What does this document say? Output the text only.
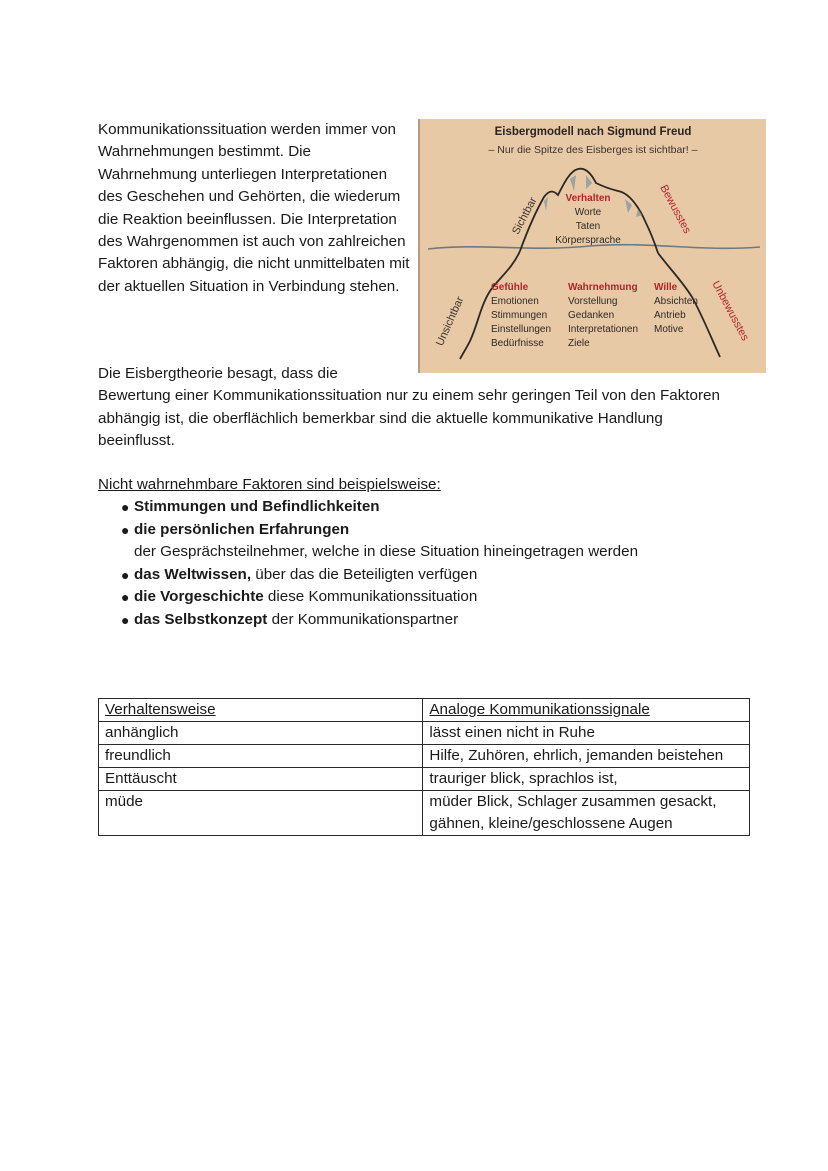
Kommunikationssituation werden immer von Wahrnehmungen bestimmt. Die Wahrnehmung unterliegen Interpretationen des Geschehen und Gehörten, die wiederum die Reaktion beeinflussen. Die Interpretation des Wahrgenommen ist auch von zahlreichen Faktoren abhängig, die nicht unmittelbaten mit der aktuellen Situation in Verbindung stehen.

Eisbergmodell nach Sigmund Freud
– Nur die Spitze des Eisberges ist sichtbar! –
Sichtbar	Bewusstes
Unsichtbar	Unbewusstes
Verhalten
Worte
Taten
Körpersprache
Gefühle
Emotionen
Stimmungen
Einstellungen
Bedürfnisse
Wahrnehmung
Vorstellung
Gedanken
Interpretationen
Ziele
Wille
Absichten
Antrieb
Motive

Die Eisbergtheorie besagt, dass die

Bewertung einer Kommunikationssituation nur zu einem sehr geringen Teil von den Faktoren abhängig ist, die oberflächlich bemerkbar sind die aktuelle kommunikative Handlung beeinflusst.

Nicht wahrnehmbare Faktoren sind beispielsweise:
● Stimmungen und Befindlichkeiten
● die persönlichen Erfahrungen
der Gesprächsteilnehmer, welche in diese Situation hineingetragen werden
● das Weltwissen, über das die Beteiligten verfügen
● die Vorgeschichte diese Kommunikationssituation
● das Selbstkonzept der Kommunikationspartner
Verhaltensweise	Analoge Kommunikationssignale
anhänglich	lässt einen nicht in Ruhe
freundlich	Hilfe, Zuhören, ehrlich, jemanden beistehen
Enttäuscht	trauriger blick, sprachlos ist,
müde	müder Blick, Schlager zusammen gesackt, gähnen, kleine/geschlossene Augen
